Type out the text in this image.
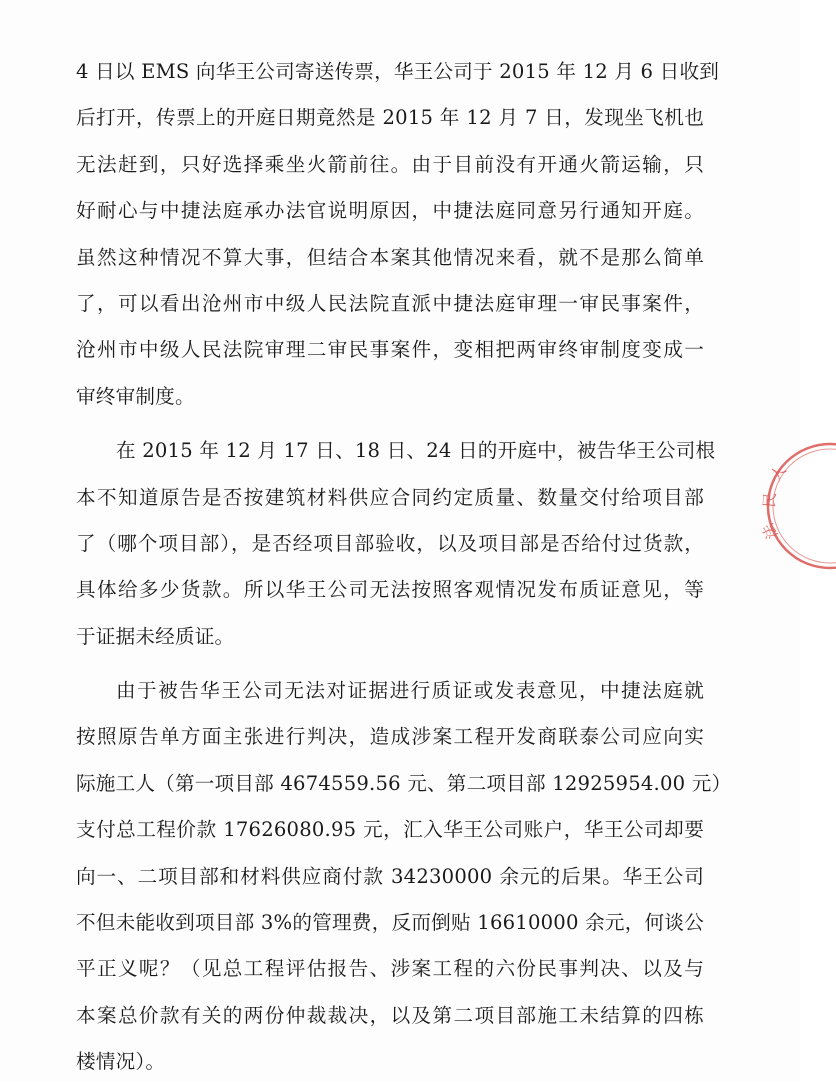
4 日以 EMS 向华王公司寄送传票，华王公司于 2015 年 12 月 6 日收到
后打开，传票上的开庭日期竟然是 2015 年 12 月 7 日，发现坐飞机也
无法赶到，只好选择乘坐火箭前往。由于目前没有开通火箭运输，只
好耐心与中捷法庭承办法官说明原因，中捷法庭同意另行通知开庭。
虽然这种情况不算大事，但结合本案其他情况来看，就不是那么简单
了，可以看出沧州市中级人民法院直派中捷法庭审理一审民事案件，
沧州市中级人民法院审理二审民事案件，变相把两审终审制度变成一
审终审制度。
在 2015 年 12 月 17 日、18 日、24 日的开庭中，被告华王公司根
本不知道原告是否按建筑材料供应合同约定质量、数量交付给项目部
了（哪个项目部），是否经项目部验收，以及项目部是否给付过货款，
具体给多少货款。所以华王公司无法按照客观情况发布质证意见，等
于证据未经质证。
由于被告华王公司无法对证据进行质证或发表意见，中捷法庭就
按照原告单方面主张进行判决，造成涉案工程开发商联泰公司应向实
际施工人（第一项目部 4674559.56 元、第二项目部 12925954.00 元）
支付总工程价款 17626080.95 元，汇入华王公司账户，华王公司却要
向一、二项目部和材料供应商付款 34230000 余元的后果。华王公司
不但未能收到项目部 3%的管理费，反而倒贴 16610000 余元，何谈公
平正义呢？（见总工程评估报告、涉案工程的六份民事判决、以及与
本案总价款有关的两份仲裁裁决，以及第二项目部施工未结算的四栋
楼情况）。
人
民
法
